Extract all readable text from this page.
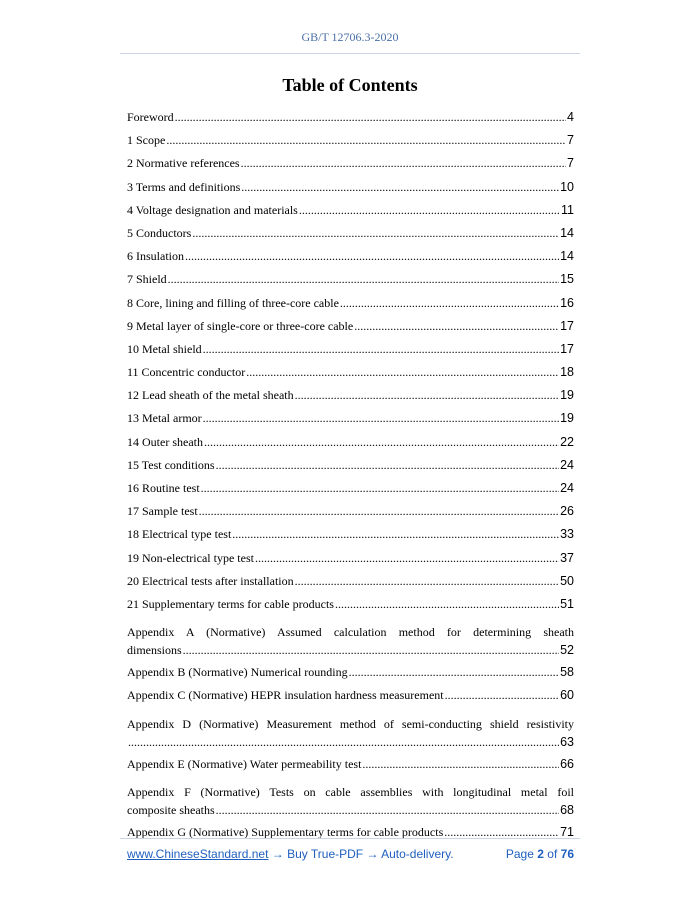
GB/T 12706.3-2020
Table of Contents
Foreword .....	4
1 Scope .....	7
2 Normative references .....	7
3 Terms and definitions .....	10
4 Voltage designation and materials .....	11
5 Conductors .....	14
6 Insulation .....	14
7 Shield .....	15
8 Core, lining and filling of three-core cable .....	16
9 Metal layer of single-core or three-core cable .....	17
10 Metal shield .....	17
11 Concentric conductor .....	18
12 Lead sheath of the metal sheath .....	19
13 Metal armor .....	19
14 Outer sheath .....	22
15 Test conditions .....	24
16 Routine test .....	24
17 Sample test .....	26
18 Electrical type test .....	33
19 Non-electrical type test .....	37
20 Electrical tests after installation .....	50
21 Supplementary terms for cable products .....	51
Appendix A (Normative) Assumed calculation method for determining sheath
dimensions .....	52
Appendix B (Normative) Numerical rounding .....	58
Appendix C (Normative) HEPR insulation hardness measurement .....	60
Appendix D (Normative) Measurement method of semi-conducting shield resistivity
.....
63
Appendix E (Normative) Water permeability test .....	66
Appendix F (Normative) Tests on cable assemblies with longitudinal metal foil
composite sheaths .....	68
Appendix G (Normative) Supplementary terms for cable products .....	71
www.ChineseStandard.net → Buy True-PDF → Auto-delivery.	Page 2 of 76
